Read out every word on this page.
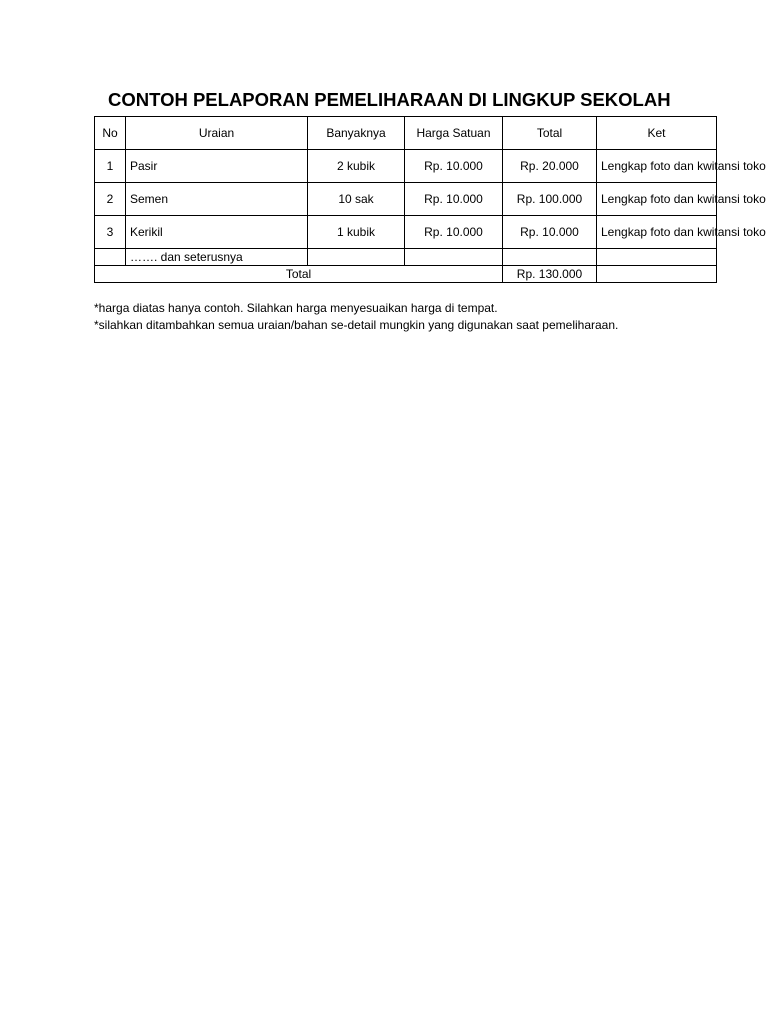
CONTOH PELAPORAN PEMELIHARAAN DI LINGKUP SEKOLAH
No	Uraian	Banyaknya	Harga Satuan	Total	Ket
1	Pasir	2 kubik	Rp. 10.000	Rp. 20.000	Lengkap foto dan kwitansi toko
2	Semen	10 sak	Rp. 10.000	Rp. 100.000	Lengkap foto dan kwitansi toko
3	Kerikil	1 kubik	Rp. 10.000	Rp. 10.000	Lengkap foto dan kwitansi toko
	……. dan seterusnya				
Total				Rp. 130.000	

*harga diatas hanya contoh. Silahkan harga menyesuaikan harga di tempat.

*silahkan ditambahkan semua uraian/bahan se-detail mungkin yang digunakan saat pemeliharaan.
